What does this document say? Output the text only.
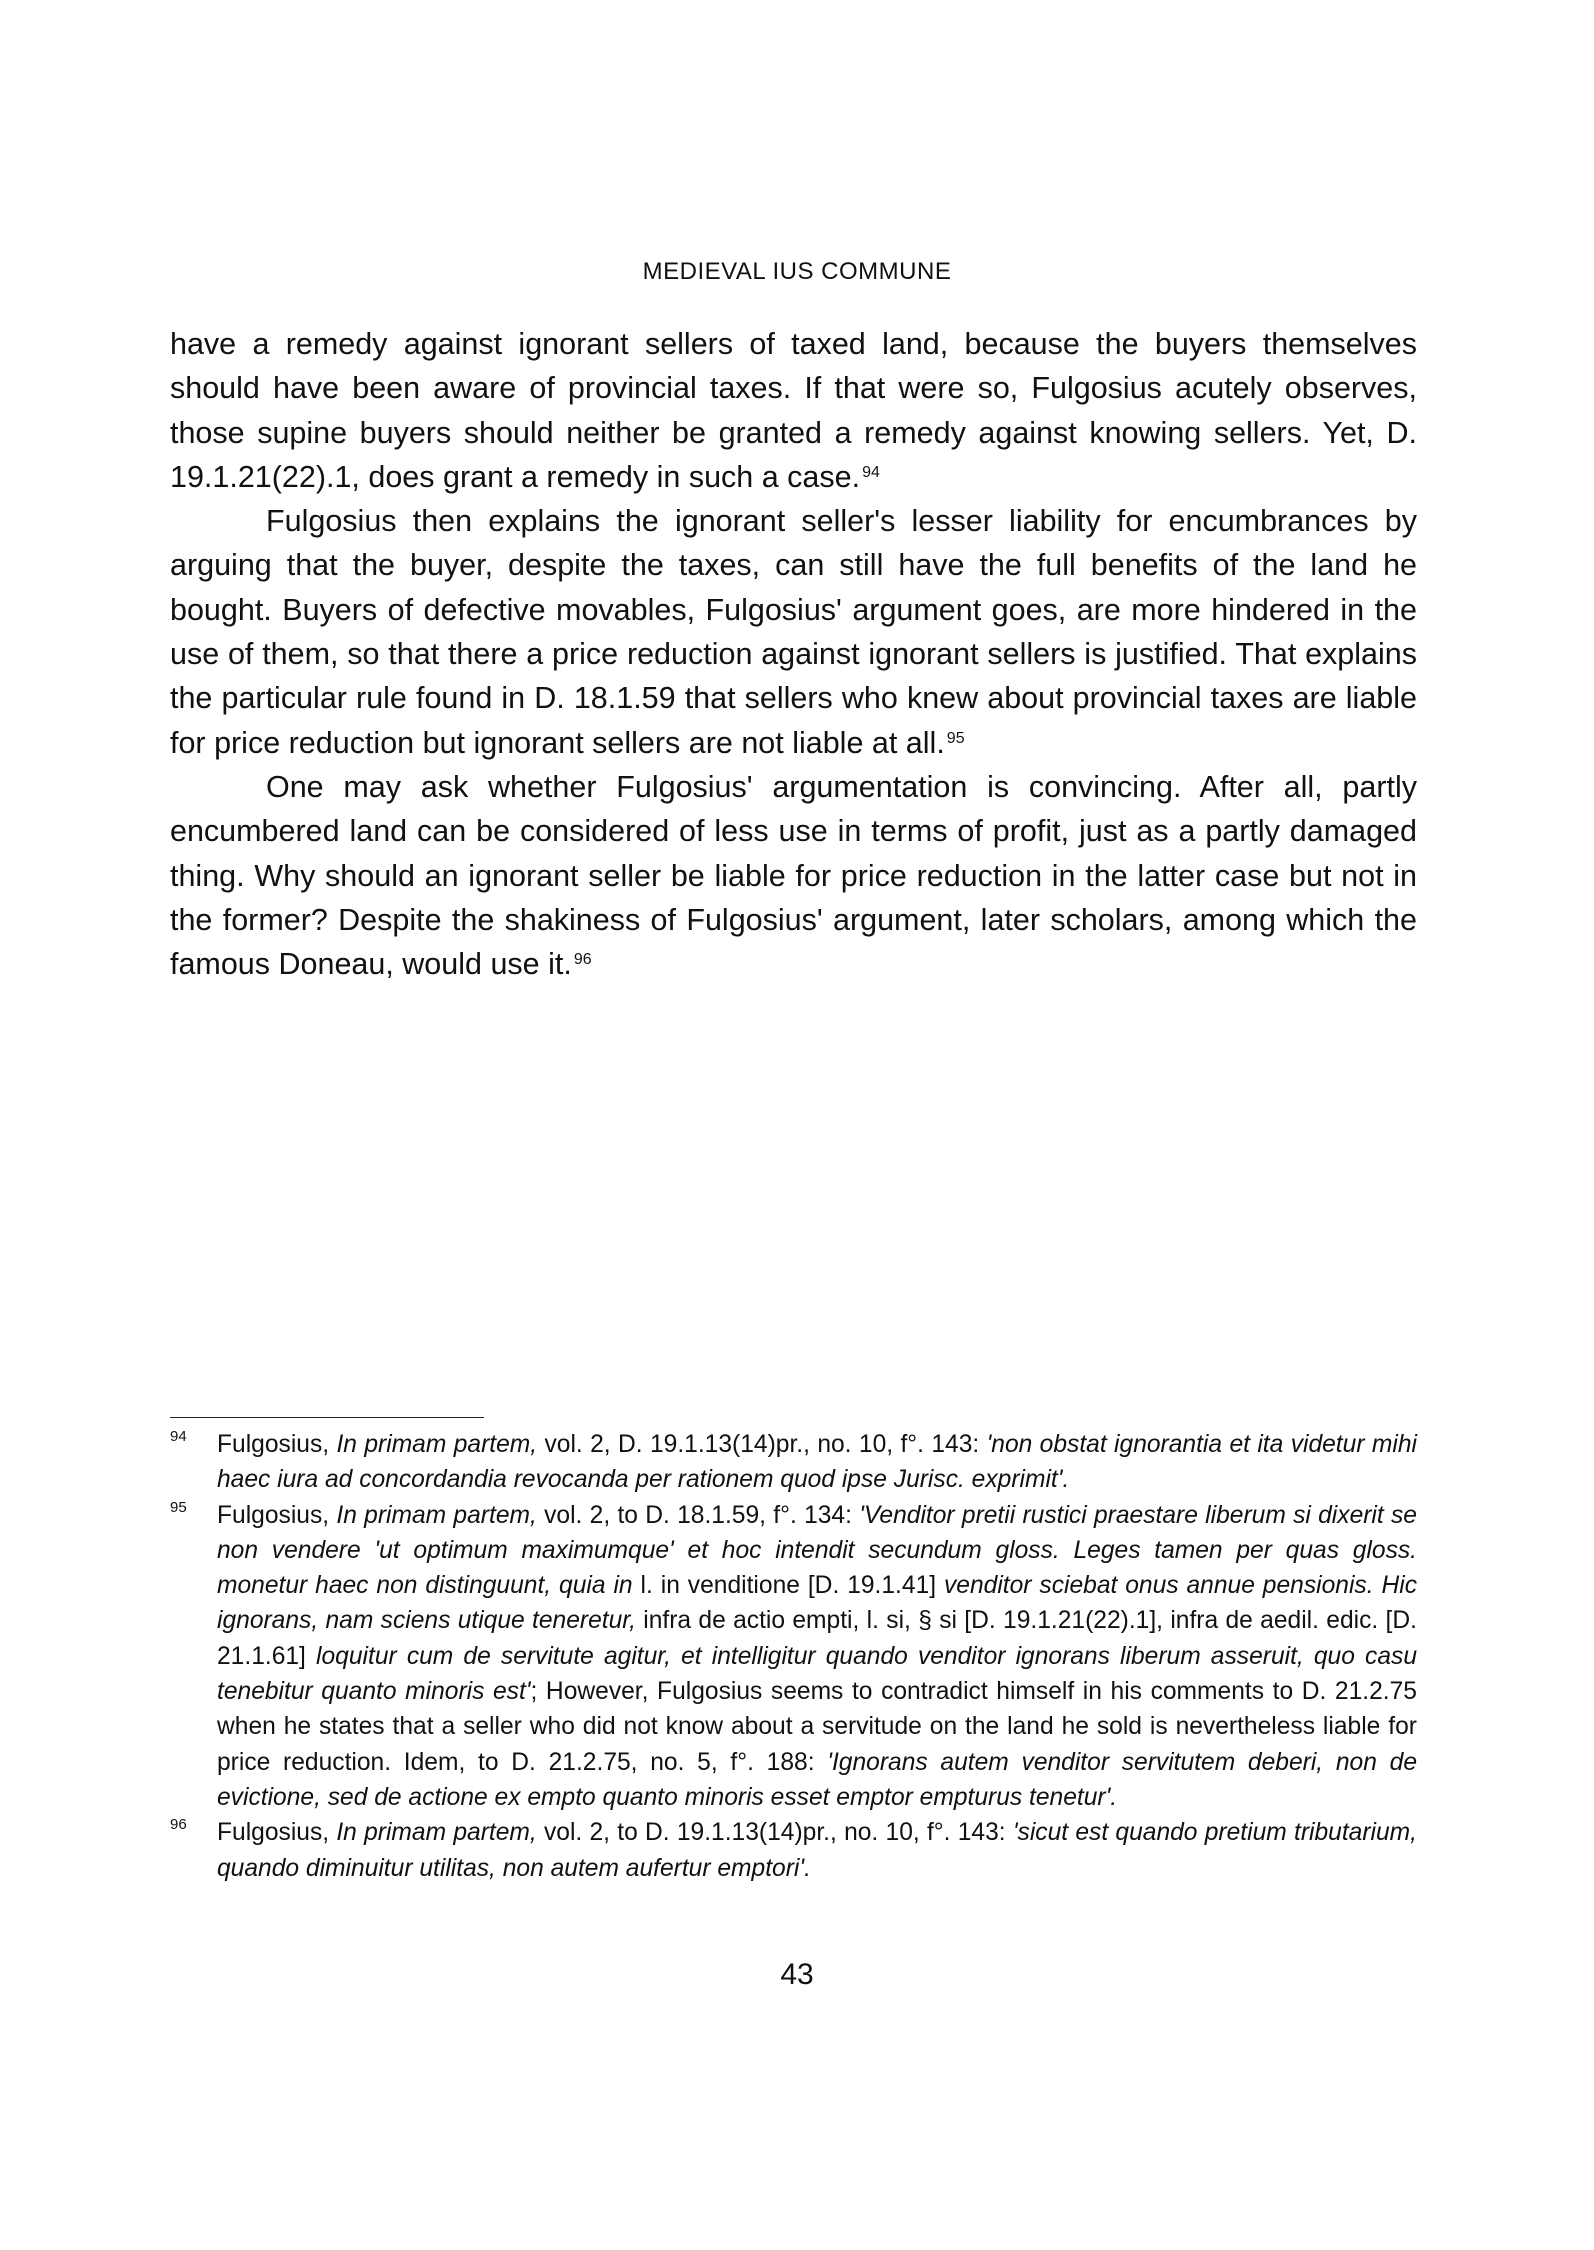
MEDIEVAL IUS COMMUNE

have a remedy against ignorant sellers of taxed land, because the buyers themselves should have been aware of provincial taxes. If that were so, Fulgosius acutely observes, those supine buyers should neither be granted a remedy against knowing sellers. Yet, D. 19.1.21(22).1, does grant a remedy in such a case. $^{94}$

Fulgosius then explains the ignorant seller's lesser liability for encumbrances by arguing that the buyer, despite the taxes, can still have the full benefits of the land he bought. Buyers of defective movables, Fulgosius' argument goes, are more hindered in the use of them, so that there a price reduction against ignorant sellers is justified. That explains the particular rule found in D. 18.1.59 that sellers who knew about provincial taxes are liable for price reduction but ignorant sellers are not liable at all. $^{95}$

One may ask whether Fulgosius' argumentation is convincing. After all, partly encumbered land can be considered of less use in terms of profit, just as a partly damaged thing. Why should an ignorant seller be liable for price reduction in the latter case but not in the former? Despite the shakiness of Fulgosius' argument, later scholars, among which the famous Doneau, would use it. $^{96}$

94 Fulgosius, In primam partem, vol. 2, D. 19.1.13(14)pr., no. 10, f°. 143: 'non obstat ignorantia et ita videtur mihi haec iura ad concordandia revocanda per rationem quod ipse Jurisc. exprimit'.
95 Fulgosius, In primam partem, vol. 2, to D. 18.1.59, f°. 134: 'Venditor pretii rustici praestare liberum si dixerit se non vendere 'ut optimum maximumque' et hoc intendit secundum gloss. Leges tamen per quas gloss. monetur haec non distinguunt, quia in l. in venditione [D. 19.1.41] venditor sciebat onus annue pensionis. Hic ignorans, nam sciens utique teneretur, infra de actio empti, l. si, § si [D. 19.1.21(22).1], infra de aedil. edic. [D. 21.1.61] loquitur cum de servitute agitur, et intelligitur quando venditor ignorans liberum asseruit, quo casu tenebitur quanto minoris est'; However, Fulgosius seems to contradict himself in his comments to D. 21.2.75 when he states that a seller who did not know about a servitude on the land he sold is nevertheless liable for price reduction. Idem, to D. 21.2.75, no. 5, f°. 188: 'Ignorans autem venditor servitutem deberi, non de evictione, sed de actione ex empto quanto minoris esset emptor empturus tenetur'.
96 Fulgosius, In primam partem, vol. 2, to D. 19.1.13(14)pr., no. 10, f°. 143: 'sicut est quando pretium tributarium, quando diminuitur utilitas, non autem aufertur emptori'.
43
